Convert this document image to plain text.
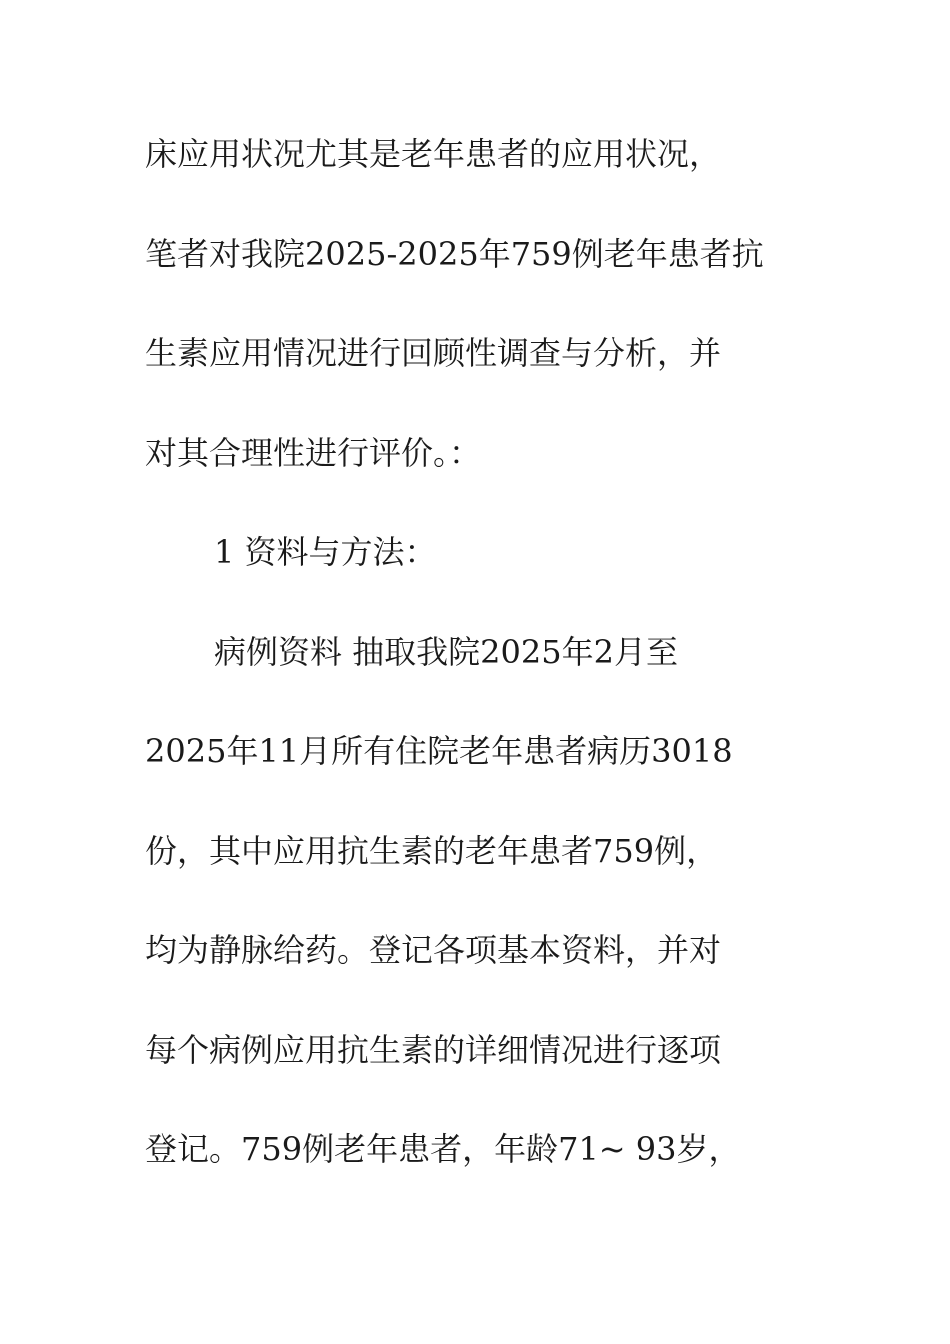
床应用状况尤其是老年患者的应用状况，
笔者对我院2025-2025年759例老年患者抗
生素应用情况进行回顾性调查与分析，并
对其合理性进行评价。：
1 资料与方法：
病例资料 抽取我院2025年2月至
2025年11月所有住院老年患者病历3018
份，其中应用抗生素的老年患者759例，
均为静脉给药。登记各项基本资料，并对
每个病例应用抗生素的详细情况进行逐项
登记。759例老年患者，年龄71~ 93岁，
